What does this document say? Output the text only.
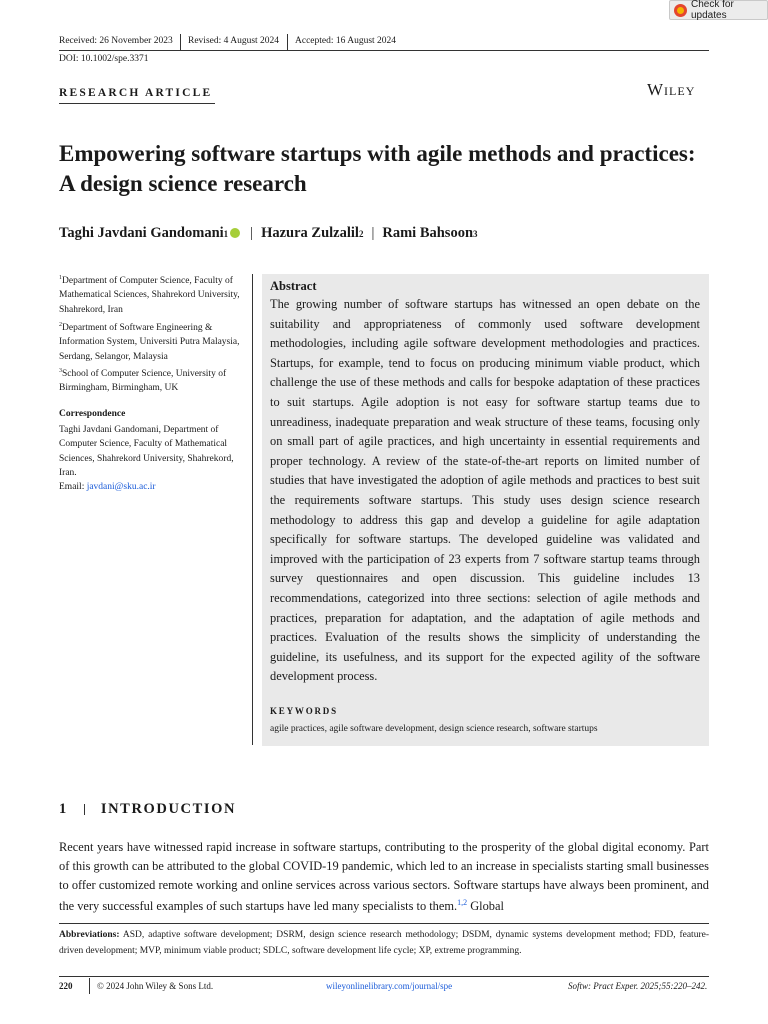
Check for updates
Received: 26 November 2023 Revised: 4 August 2024 Accepted: 16 August 2024
DOI: 10.1002/spe.3371
RESEARCH ARTICLE	Wiley
Empowering software startups with agile methods and practices: A design science research
Taghi Javdani Gandomani 1 | Hazura Zulzalil 2 | Rami Bahsoon 3
$^1$Department of Computer Science, Faculty of Mathematical Sciences, Shahrekord University, Shahrekord, Iran
$^2$Department of Software Engineering & Information System, Universiti Putra Malaysia, Serdang, Selangor, Malaysia
$^3$School of Computer Science, University of Birmingham, Birmingham, UK
Correspondence
Taghi Javdani Gandomani, Department of Computer Science, Faculty of Mathematical Sciences, Shahrekord University, Shahrekord, Iran.
Email: javdani@sku.ac.ir
Abstract
The growing number of software startups has witnessed an open debate on the suitability and appropriateness of commonly used software development methodologies, including agile software development methodologies and practices. Startups, for example, tend to focus on producing minimum viable product, which challenge the use of these methods and calls for bespoke adaptation of these practices to suit startups. Agile adoption is not easy for software startup teams due to unreadiness, inadequate preparation and weak structure of these teams, focusing only on small part of agile practices, and high uncertainty in essential requirements and proper technology. A review of the state-of-the-art reports on limited number of studies that have investigated the adoption of agile methods and practices to best suit the requirements software startups. This study uses design science research methodology to address this gap and develop a guideline for agile adaptation specifically for software startups. The developed guideline was validated and improved with the participation of 23 experts from 7 software startup teams through survey questionnaires and open discussion. This guideline includes 13 recommendations, categorized into three sections: selection of agile methods and practices, preparation for adaptation, and the adaptation of agile methods and practices. Evaluation of the results shows the simplicity of understanding the guideline, its usefulness, and its support for the expected agility of the software development process.
KEYWORDS
agile practices, agile software development, design science research, software startups
1 INTRODUCTION

Recent years have witnessed rapid increase in software startups, contributing to the prosperity of the global digital economy. Part of this growth can be attributed to the global COVID-19 pandemic, which led to an increase in specialists starting small businesses to offer customized remote working and online services across various sectors. Software startups have always been prominent, and the very successful examples of such startups have led many specialists to them.$^{1,2}$ Global

Abbreviations: ASD, adaptive software development; DSRM, design science research methodology; DSDM, dynamic systems development method; FDD, feature-driven development; MVP, minimum viable product; SDLC, software development life cycle; XP, extreme programming.
220	© 2024 John Wiley & Sons Ltd.	wileyonlinelibrary.com/journal/spe	Softw: Pract Exper. 2025;55:220–242.
